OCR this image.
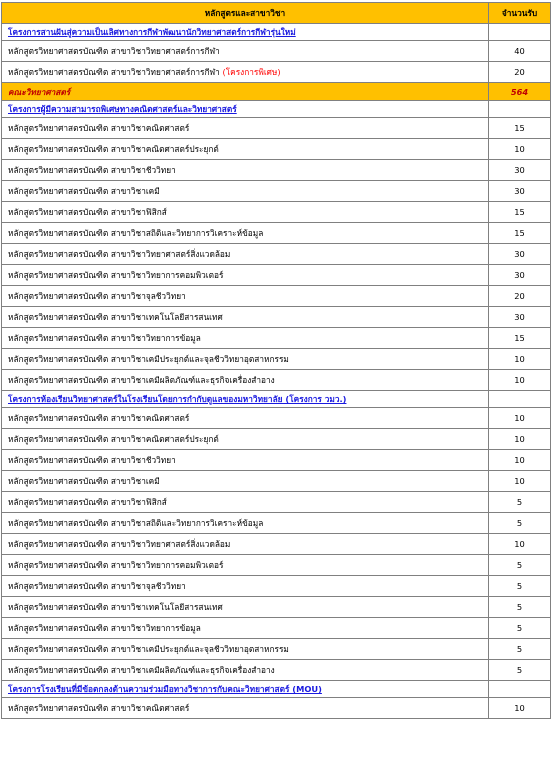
หลักสูตรและสาขาวิชา	จำนวนรับ
โครงการสานฝันสู่ความเป็นเลิศทางการกีฬาพัฒนานักวิทยาศาสตร์การกีฬารุ่นใหม่	
หลักสูตรวิทยาศาสตรบัณฑิต สาขาวิชาวิทยาศาสตร์การกีฬา	40
หลักสูตรวิทยาศาสตรบัณฑิต สาขาวิชาวิทยาศาสตร์การกีฬา (โครงการพิเศษ)	20
คณะวิทยาศาสตร์	564
โครงการผู้มีความสามารถพิเศษทางคณิตศาสตร์และวิทยาศาสตร์	
หลักสูตรวิทยาศาสตรบัณฑิต สาขาวิชาคณิตศาสตร์	15
หลักสูตรวิทยาศาสตรบัณฑิต สาขาวิชาคณิตศาสตร์ประยุกต์	10
หลักสูตรวิทยาศาสตรบัณฑิต สาขาวิชาชีววิทยา	30
หลักสูตรวิทยาศาสตรบัณฑิต สาขาวิชาเคมี	30
หลักสูตรวิทยาศาสตรบัณฑิต สาขาวิชาฟิสิกส์	15
หลักสูตรวิทยาศาสตรบัณฑิต สาขาวิชาสถิติและวิทยาการวิเคราะห์ข้อมูล	15
หลักสูตรวิทยาศาสตรบัณฑิต สาขาวิชาวิทยาศาสตร์สิ่งแวดล้อม	30
หลักสูตรวิทยาศาสตรบัณฑิต สาขาวิชาวิทยาการคอมพิวเตอร์	30
หลักสูตรวิทยาศาสตรบัณฑิต สาขาวิชาจุลชีววิทยา	20
หลักสูตรวิทยาศาสตรบัณฑิต สาขาวิชาเทคโนโลยีสารสนเทศ	30
หลักสูตรวิทยาศาสตรบัณฑิต สาขาวิชาวิทยาการข้อมูล	15
หลักสูตรวิทยาศาสตรบัณฑิต สาขาวิชาเคมีประยุกต์และจุลชีววิทยาอุตสาหกรรม	10
หลักสูตรวิทยาศาสตรบัณฑิต สาขาวิชาเคมีผลิตภัณฑ์และธุรกิจเครื่องสำอาง	10
โครงการห้องเรียนวิทยาศาสตร์ในโรงเรียนโดยการกำกับดูแลของมหาวิทยาลัย (โครงการ วมว.)	
หลักสูตรวิทยาศาสตรบัณฑิต สาขาวิชาคณิตศาสตร์	10
หลักสูตรวิทยาศาสตรบัณฑิต สาขาวิชาคณิตศาสตร์ประยุกต์	10
หลักสูตรวิทยาศาสตรบัณฑิต สาขาวิชาชีววิทยา	10
หลักสูตรวิทยาศาสตรบัณฑิต สาขาวิชาเคมี	10
หลักสูตรวิทยาศาสตรบัณฑิต สาขาวิชาฟิสิกส์	5
หลักสูตรวิทยาศาสตรบัณฑิต สาขาวิชาสถิติและวิทยาการวิเคราะห์ข้อมูล	5
หลักสูตรวิทยาศาสตรบัณฑิต สาขาวิชาวิทยาศาสตร์สิ่งแวดล้อม	10
หลักสูตรวิทยาศาสตรบัณฑิต สาขาวิชาวิทยาการคอมพิวเตอร์	5
หลักสูตรวิทยาศาสตรบัณฑิต สาขาวิชาจุลชีววิทยา	5
หลักสูตรวิทยาศาสตรบัณฑิต สาขาวิชาเทคโนโลยีสารสนเทศ	5
หลักสูตรวิทยาศาสตรบัณฑิต สาขาวิชาวิทยาการข้อมูล	5
หลักสูตรวิทยาศาสตรบัณฑิต สาขาวิชาเคมีประยุกต์และจุลชีววิทยาอุตสาหกรรม	5
หลักสูตรวิทยาศาสตรบัณฑิต สาขาวิชาเคมีผลิตภัณฑ์และธุรกิจเครื่องสำอาง	5
โครงการโรงเรียนที่มีข้อตกลงด้านความร่วมมือทางวิชาการกับคณะวิทยาศาสตร์ (MOU)	
หลักสูตรวิทยาศาสตรบัณฑิต สาขาวิชาคณิตศาสตร์	10
